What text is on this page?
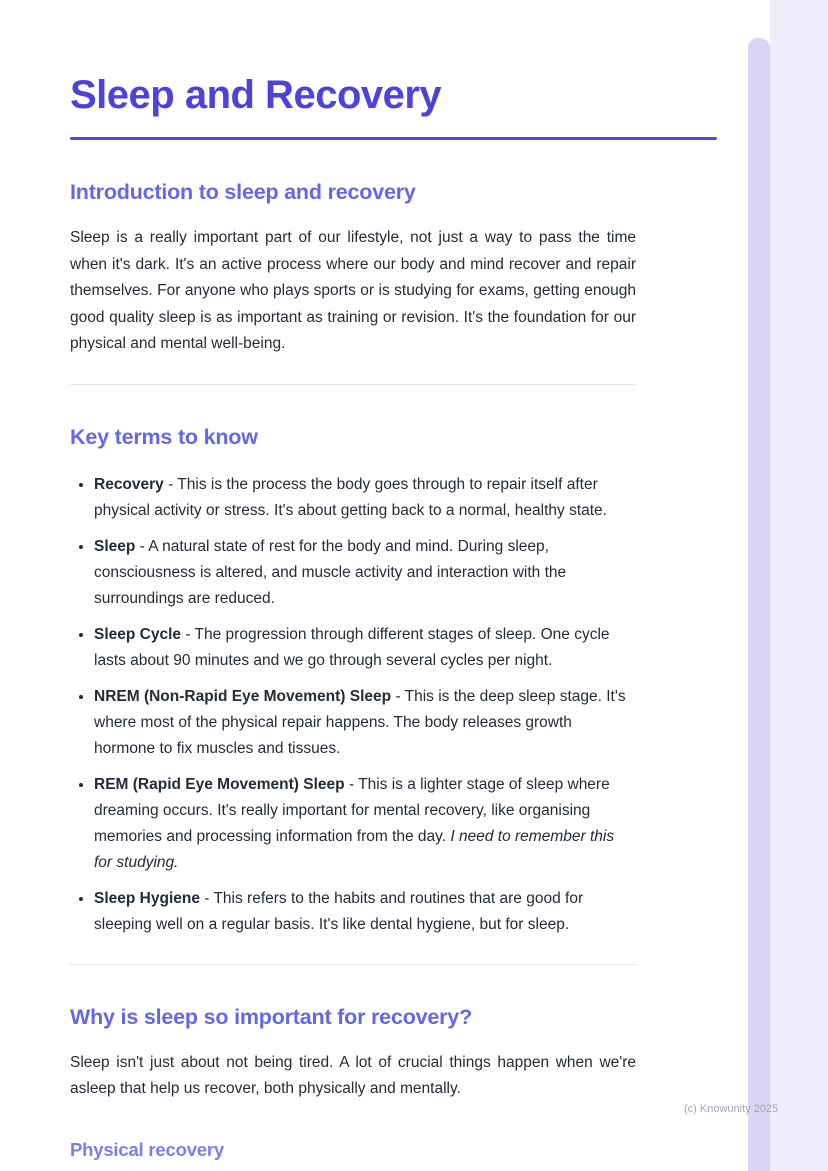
Sleep and Recovery
Introduction to sleep and recovery

Sleep is a really important part of our lifestyle, not just a way to pass the time when it's dark. It's an active process where our body and mind recover and repair themselves. For anyone who plays sports or is studying for exams, getting enough good quality sleep is as important as training or revision. It's the foundation for our physical and mental well-being.

Key terms to know
• Recovery - This is the process the body goes through to repair itself after physical activity or stress. It's about getting back to a normal, healthy state.
• Sleep - A natural state of rest for the body and mind. During sleep, consciousness is altered, and muscle activity and interaction with the surroundings are reduced.
• Sleep Cycle - The progression through different stages of sleep. One cycle lasts about 90 minutes and we go through several cycles per night.
• NREM (Non-Rapid Eye Movement) Sleep - This is the deep sleep stage. It's where most of the physical repair happens. The body releases growth hormone to fix muscles and tissues.
• REM (Rapid Eye Movement) Sleep - This is a lighter stage of sleep where dreaming occurs. It's really important for mental recovery, like organising memories and processing information from the day. I need to remember this for studying.
• Sleep Hygiene - This refers to the habits and routines that are good for sleeping well on a regular basis. It's like dental hygiene, but for sleep.
Why is sleep so important for recovery?

Sleep isn't just about not being tired. A lot of crucial things happen when we're asleep that help us recover, both physically and mentally.

Physical recovery
(c) Knowunity 2025
